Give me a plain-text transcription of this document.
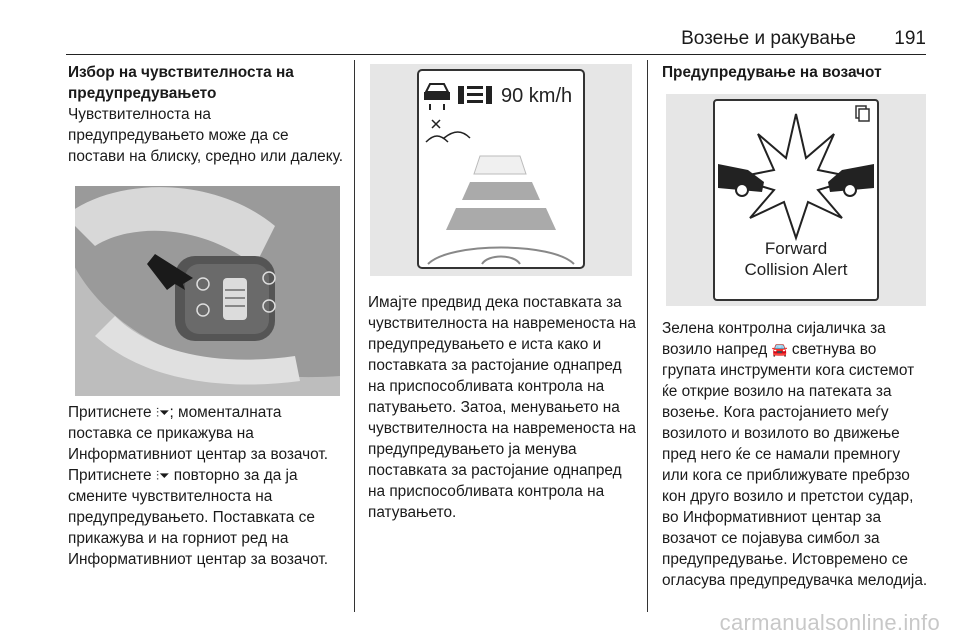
Возење и ракување 191

Избор на чувствителноста на предупредувањето

Чувствителноста на предупредувањето може да се постави на блиску, средно или далеку.

Притиснете ⫶⏷; моменталната поставка се прикажува на Информативниот центар за возачот. Притиснете ⫶⏷ повторно за да ја смените чувствителноста на предупредувањето. Поставката се прикажува и на горниот ред на Информативниот центар за возачот.

90 km/h

Имајте предвид дека поставката за чувствителноста на навременоста на предупредувањето е иста како и поставката за растојание однапред на приспособливата контрола на патувањето. Затоа, менувањето на чувствителноста на навременоста на предупредувањето ја менува поставката за растојание однапред на приспособливата контрола на патувањето.

Предупредување на возачот

Forward
Collision Alert

Зелена контролна сијаличка за возило напред 🚘 светнува во групата инструменти кога системот ќе открие возило на патеката за возење. Кога растојанието меѓу возилото и возилото во движење пред него ќе се намали премногу или кога се приближувате пребрзо кон друго возило и претстои судар, во Информативниот центар за возачот се појавува симбол за предупредување. Истовремено се огласува предупредувачка мелодија.

carmanualsonline.info
